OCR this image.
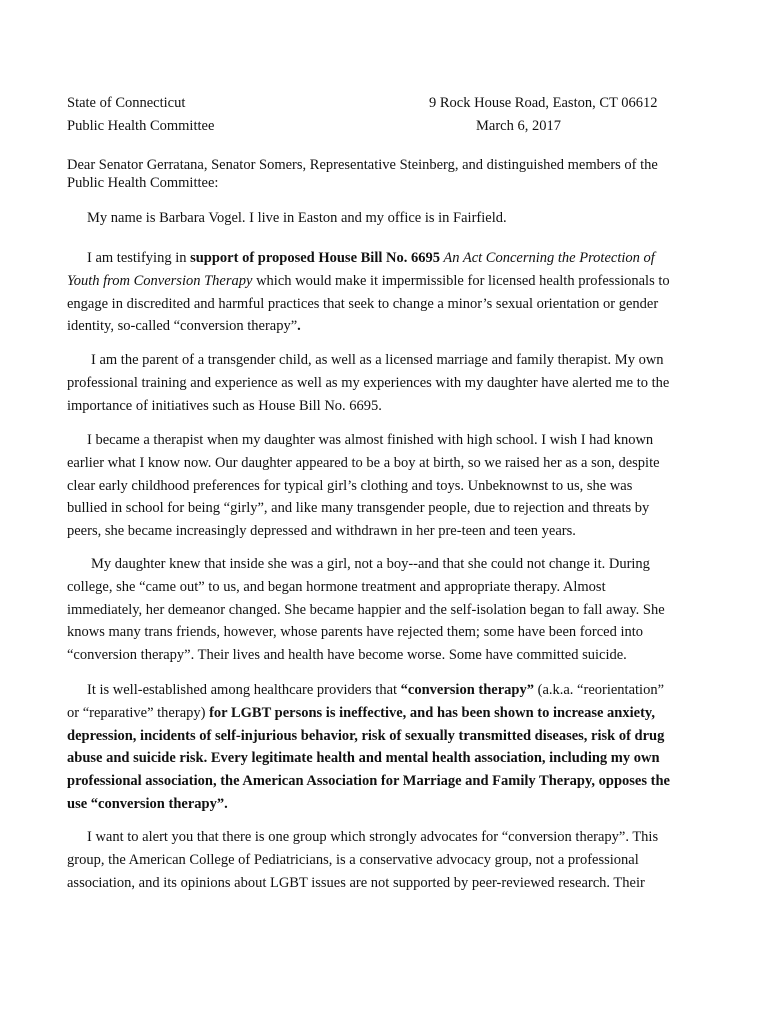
State of Connecticut
Public Health Committee
9 Rock House Road, Easton, CT 06612
March 6, 2017
Dear Senator Gerratana, Senator Somers, Representative Steinberg, and distinguished members of the
Public Health Committee:
My name is Barbara Vogel. I live in Easton and my office is in Fairfield.
I am testifying in support of proposed House Bill No. 6695 An Act Concerning the Protection of
Youth from Conversion Therapy which would make it impermissible for licensed health professionals to
engage in discredited and harmful practices that seek to change a minor’s sexual orientation or gender
identity, so-called “conversion therapy”.
I am the parent of a transgender child, as well as a licensed marriage and family therapist. My own
professional training and experience as well as my experiences with my daughter have alerted me to the
importance of initiatives such as House Bill No. 6695.
I became a therapist when my daughter was almost finished with high school. I wish I had known
earlier what I know now. Our daughter appeared to be a boy at birth, so we raised her as a son, despite
clear early childhood preferences for typical girl’s clothing and toys. Unbeknownst to us, she was
bullied in school for being “girly”, and like many transgender people, due to rejection and threats by
peers, she became increasingly depressed and withdrawn in her pre-teen and teen years.
My daughter knew that inside she was a girl, not a boy--and that she could not change it. During
college, she “came out” to us, and began hormone treatment and appropriate therapy. Almost
immediately, her demeanor changed. She became happier and the self-isolation began to fall away. She
knows many trans friends, however, whose parents have rejected them; some have been forced into
“conversion therapy”. Their lives and health have become worse. Some have committed suicide.
It is well-established among healthcare providers that “conversion therapy” (a.k.a. “reorientation”
or “reparative” therapy) for LGBT persons is ineffective, and has been shown to increase anxiety,
depression, incidents of self-injurious behavior, risk of sexually transmitted diseases, risk of drug
abuse and suicide risk. Every legitimate health and mental health association, including my own
professional association, the American Association for Marriage and Family Therapy, opposes the
use “conversion therapy”.
I want to alert you that there is one group which strongly advocates for “conversion therapy”. This
group, the American College of Pediatricians, is a conservative advocacy group, not a professional
association, and its opinions about LGBT issues are not supported by peer-reviewed research. Their
